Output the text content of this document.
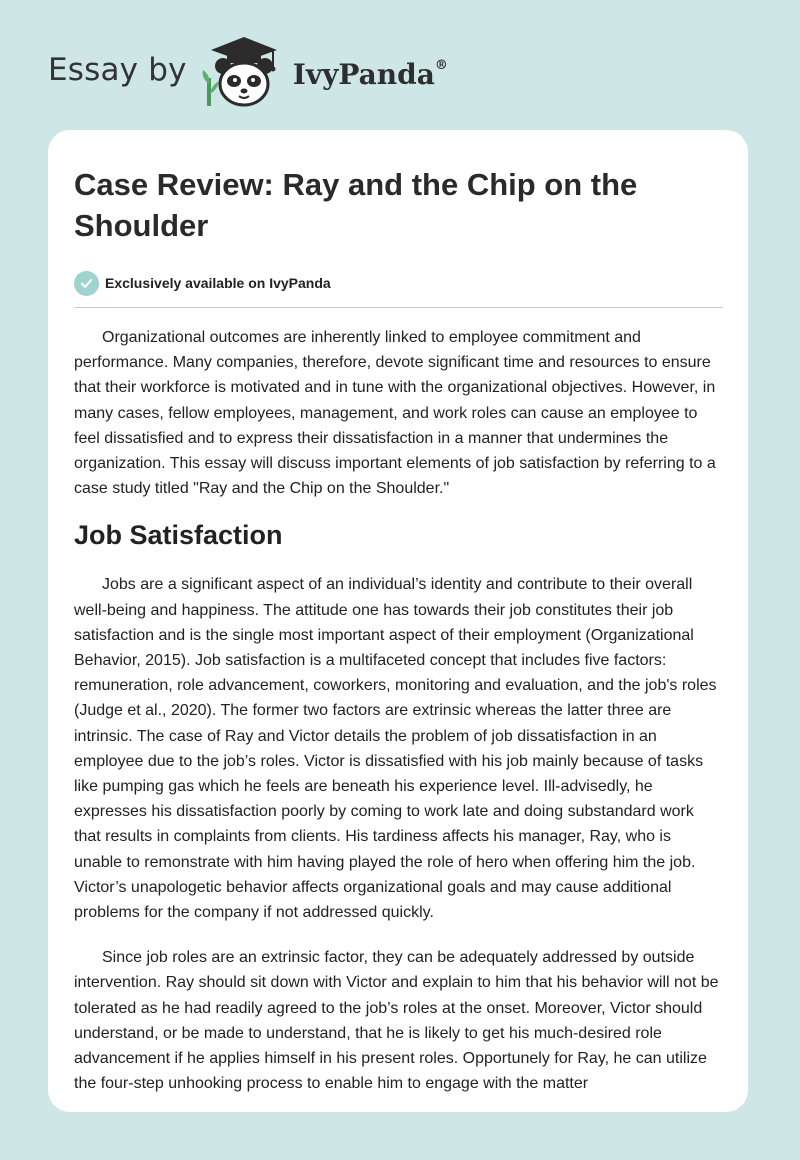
Essay by	IvyPanda®
Case Review: Ray and the Chip on the Shoulder
Exclusively available on IvyPanda

Organizational outcomes are inherently linked to employee commitment and performance. Many companies, therefore, devote significant time and resources to ensure that their workforce is motivated and in tune with the organizational objectives. However, in many cases, fellow employees, management, and work roles can cause an employee to feel dissatisfied and to express their dissatisfaction in a manner that undermines the organization. This essay will discuss important elements of job satisfaction by referring to a case study titled "Ray and the Chip on the Shoulder."

Job Satisfaction

Jobs are a significant aspect of an individual’s identity and contribute to their overall well-being and happiness. The attitude one has towards their job constitutes their job satisfaction and is the single most important aspect of their employment (Organizational Behavior, 2015). Job satisfaction is a multifaceted concept that includes five factors: remuneration, role advancement, coworkers, monitoring and evaluation, and the job's roles (Judge et al., 2020). The former two factors are extrinsic whereas the latter three are intrinsic. The case of Ray and Victor details the problem of job dissatisfaction in an employee due to the job’s roles. Victor is dissatisfied with his job mainly because of tasks like pumping gas which he feels are beneath his experience level. Ill-advisedly, he expresses his dissatisfaction poorly by coming to work late and doing substandard work that results in complaints from clients. His tardiness affects his manager, Ray, who is unable to remonstrate with him having played the role of hero when offering him the job. Victor’s unapologetic behavior affects organizational goals and may cause additional problems for the company if not addressed quickly.

Since job roles are an extrinsic factor, they can be adequately addressed by outside intervention. Ray should sit down with Victor and explain to him that his behavior will not be tolerated as he had readily agreed to the job’s roles at the onset. Moreover, Victor should understand, or be made to understand, that he is likely to get his much-desired role advancement if he applies himself in his present roles. Opportunely for Ray, he can utilize the four-step unhooking process to enable him to engage with the matter
